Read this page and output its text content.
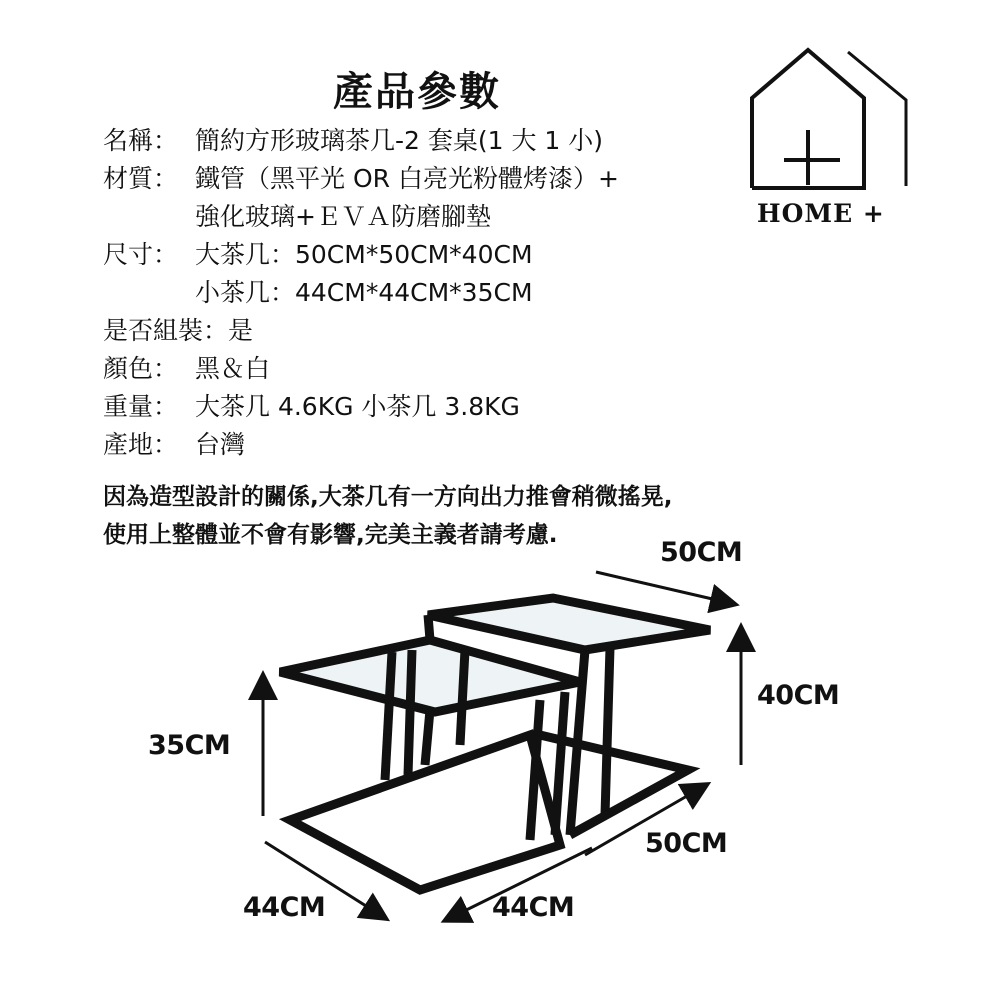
產品參數
名稱： 簡約方形玻璃茶几-2 套桌(1 大 1 小)
材質： 鐵管（黑平光 OR 白亮光粉體烤漆）+
強化玻璃+ＥＶＡ防磨腳墊
尺寸： 大茶几：50CM*50CM*40CM
小茶几：44CM*44CM*35CM
是否組裝： 是
顏色： 黑＆白
重量： 大茶几 4.6KG 小茶几 3.8KG
產地： 台灣
因為造型設計的關係,大茶几有一方向出力推會稍微搖晃,
使用上整體並不會有影響,完美主義者請考慮.
HOME +
50CM
40CM
35CM
50CM
44CM	44CM
